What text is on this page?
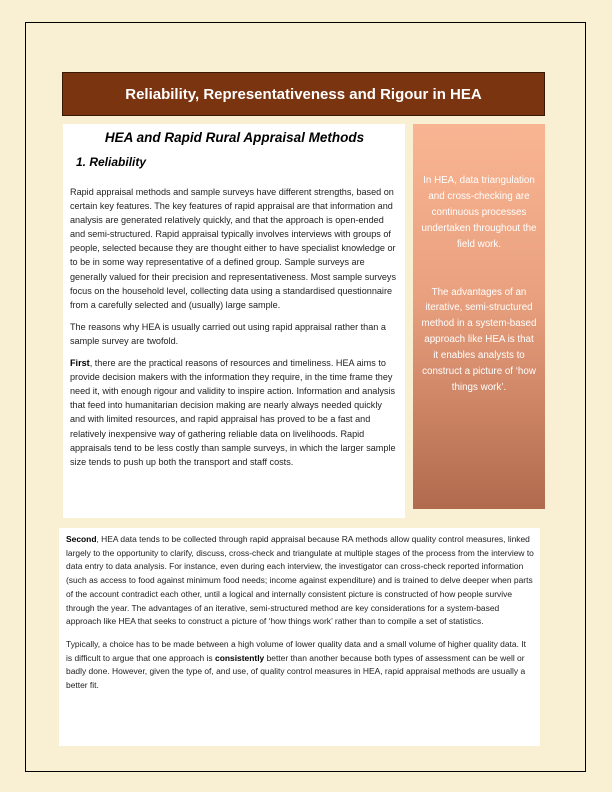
Reliability, Representativeness and Rigour in HEA
HEA and Rapid Rural Appraisal Methods
1. Reliability

Rapid appraisal methods and sample surveys have different strengths, based on certain key features. The key features of rapid appraisal are that information and analysis are generated relatively quickly, and that the approach is open-ended and semi-structured. Rapid appraisal typically involves interviews with groups of people, selected because they are thought either to have specialist knowledge or to be in some way representative of a defined group. Sample surveys are generally valued for their precision and representativeness. Most sample surveys focus on the household level, collecting data using a standardised questionnaire from a carefully selected and (usually) large sample.

The reasons why HEA is usually carried out using rapid appraisal rather than a sample survey are twofold.

First, there are the practical reasons of resources and timeliness. HEA aims to provide decision makers with the information they require, in the time frame they need it, with enough rigour and validity to inspire action. Information and analysis that feed into humanitarian decision making are nearly always needed quickly and with limited resources, and rapid appraisal has proved to be a fast and relatively inexpensive way of gathering reliable data on livelihoods. Rapid appraisals tend to be less costly than sample surveys, in which the larger sample size tends to push up both the transport and staff costs.

In HEA, data triangulation and cross-checking are continuous processes undertaken throughout the field work.

The advantages of an iterative, semi-structured method in a system-based approach like HEA is that it enables analysts to construct a picture of ‘how things work’.

Second, HEA data tends to be collected through rapid appraisal because RA methods allow quality control measures, linked largely to the opportunity to clarify, discuss, cross-check and triangulate at multiple stages of the process from the interview to data entry to data analysis. For instance, even during each interview, the investigator can cross-check reported information (such as access to food against minimum food needs; income against expenditure) and is trained to delve deeper when parts of the account contradict each other, until a logical and internally consistent picture is constructed of how people survive through the year. The advantages of an iterative, semi-structured method are key considerations for a system-based approach like HEA that seeks to construct a picture of ‘how things work’ rather than to compile a set of statistics.

Typically, a choice has to be made between a high volume of lower quality data and a small volume of higher quality data. It is difficult to argue that one approach is consistently better than another because both types of assessment can be well or badly done. However, given the type of, and use, of quality control measures in HEA, rapid appraisal methods are usually a better fit.
